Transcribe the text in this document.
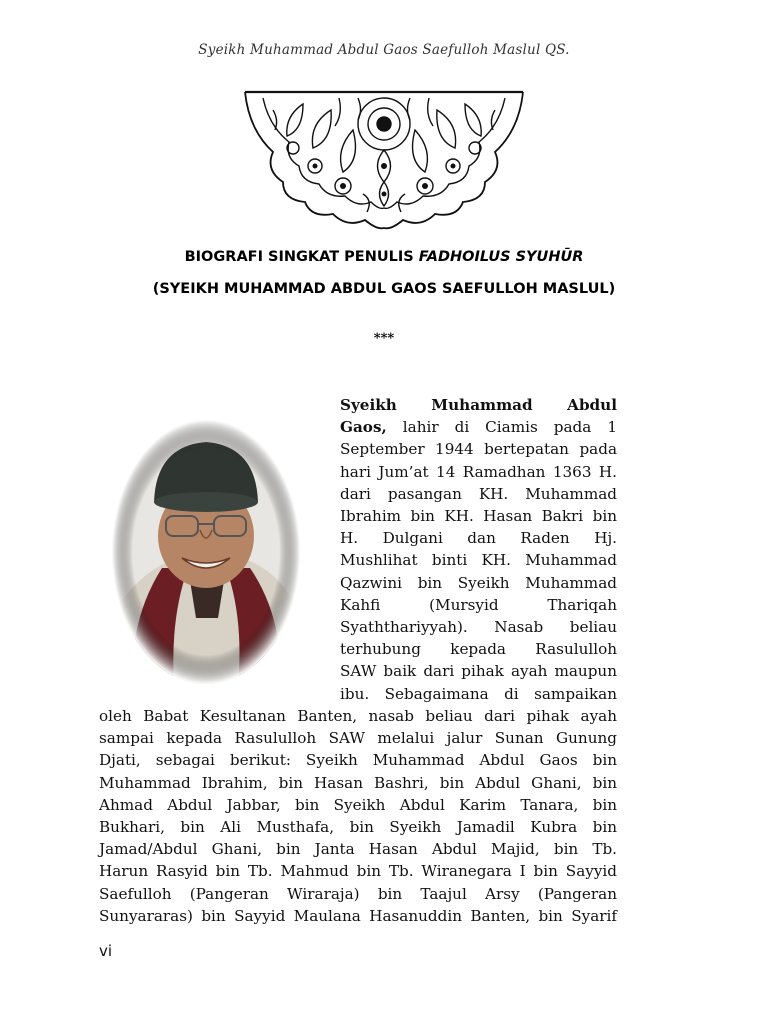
Syeikh Muhammad Abdul Gaos Saefulloh Maslul QS.
BIOGRAFI SINGKAT PENULIS FADHOILUS SYUHŪR
(SYEIKH MUHAMMAD ABDUL GAOS SAEFULLOH MASLUL)
***
Syeikh Muhammad Abdul
Gaos, lahir di Ciamis pada 1
September 1944 bertepatan pada
hari Jum’at 14 Ramadhan 1363 H.
dari pasangan KH. Muhammad
Ibrahim bin KH. Hasan Bakri bin
H. Dulgani dan Raden Hj.
Mushlihat binti KH. Muhammad
Qazwini bin Syeikh Muhammad
Kahfi (Mursyid Thariqah
Syaththariyyah). Nasab beliau
terhubung kepada Rasululloh
SAW baik dari pihak ayah maupun
ibu. Sebagaimana di sampaikan
oleh Babat Kesultanan Banten, nasab beliau dari pihak ayah
sampai kepada Rasululloh SAW melalui jalur Sunan Gunung
Djati, sebagai berikut: Syeikh Muhammad Abdul Gaos bin
Muhammad Ibrahim, bin Hasan Bashri, bin Abdul Ghani, bin
Ahmad Abdul Jabbar, bin Syeikh Abdul Karim Tanara, bin
Bukhari, bin Ali Musthafa, bin Syeikh Jamadil Kubra bin
Jamad/Abdul Ghani, bin Janta Hasan Abdul Majid, bin Tb.
Harun Rasyid bin Tb. Mahmud bin Tb. Wiranegara I bin Sayyid
Saefulloh (Pangeran Wiraraja) bin Taajul Arsy (Pangeran
Sunyararas) bin Sayyid Maulana Hasanuddin Banten, bin Syarif
vi
